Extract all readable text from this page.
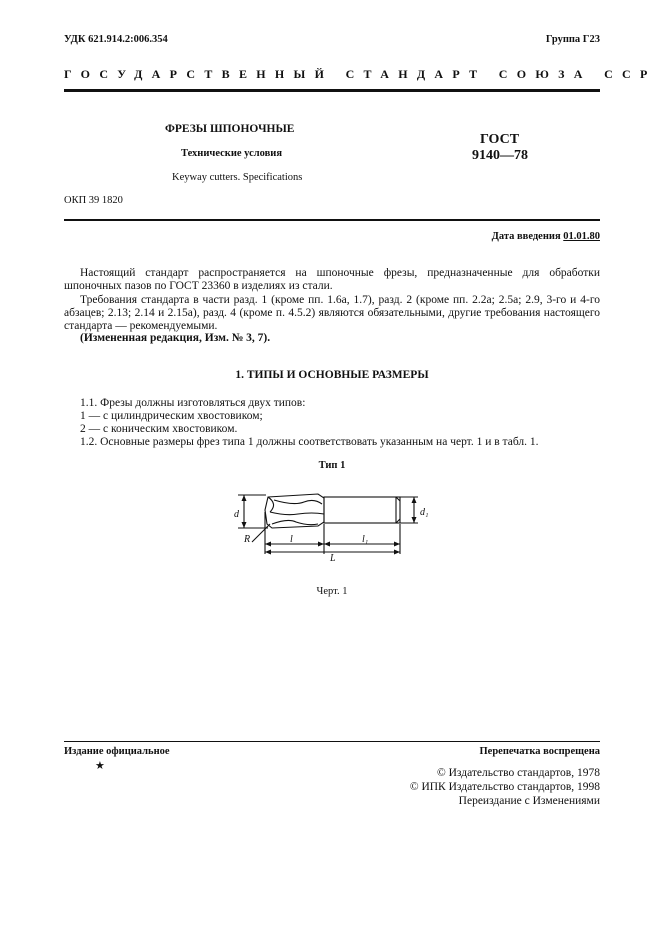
УДК 621.914.2:006.354	Группа Г23
ГОСУДАРСТВЕННЫЙ СТАНДАРТ СОЮЗА ССР
ФРЕЗЫ ШПОНОЧНЫЕ
Технические условия
Keyway cutters. Specifications
ГОСТ
9140—78
ОКП 39 1820
Дата введения 01.01.80
Настоящий стандарт распространяется на шпоночные фрезы, предназначенные для обработки шпоночных пазов по ГОСТ 23360 в изделиях из стали.
Требования стандарта в части разд. 1 (кроме пп. 1.6а, 1.7), разд. 2 (кроме пп. 2.2а; 2.5а; 2.9, 3-го и 4-го абзацев; 2.13; 2.14 и 2.15а), разд. 4 (кроме п. 4.5.2) являются обязательными, другие требования настоящего стандарта — рекомендуемыми.
(Измененная редакция, Изм. № 3, 7).
1. ТИПЫ И ОСНОВНЫЕ РАЗМЕРЫ
1.1. Фрезы должны изготовляться двух типов:
1 — с цилиндрическим хвостовиком;
2 — с коническим хвостовиком.
1.2. Основные размеры фрез типа 1 должны соответствовать указанным на черт. 1 и в табл. 1.
Тип 1
d	d₁
R	l	l₁
L
Черт. 1
Издание официальное
★
Перепечатка воспрещена
© Издательство стандартов, 1978
© ИПК Издательство стандартов, 1998
Переиздание с Изменениями
